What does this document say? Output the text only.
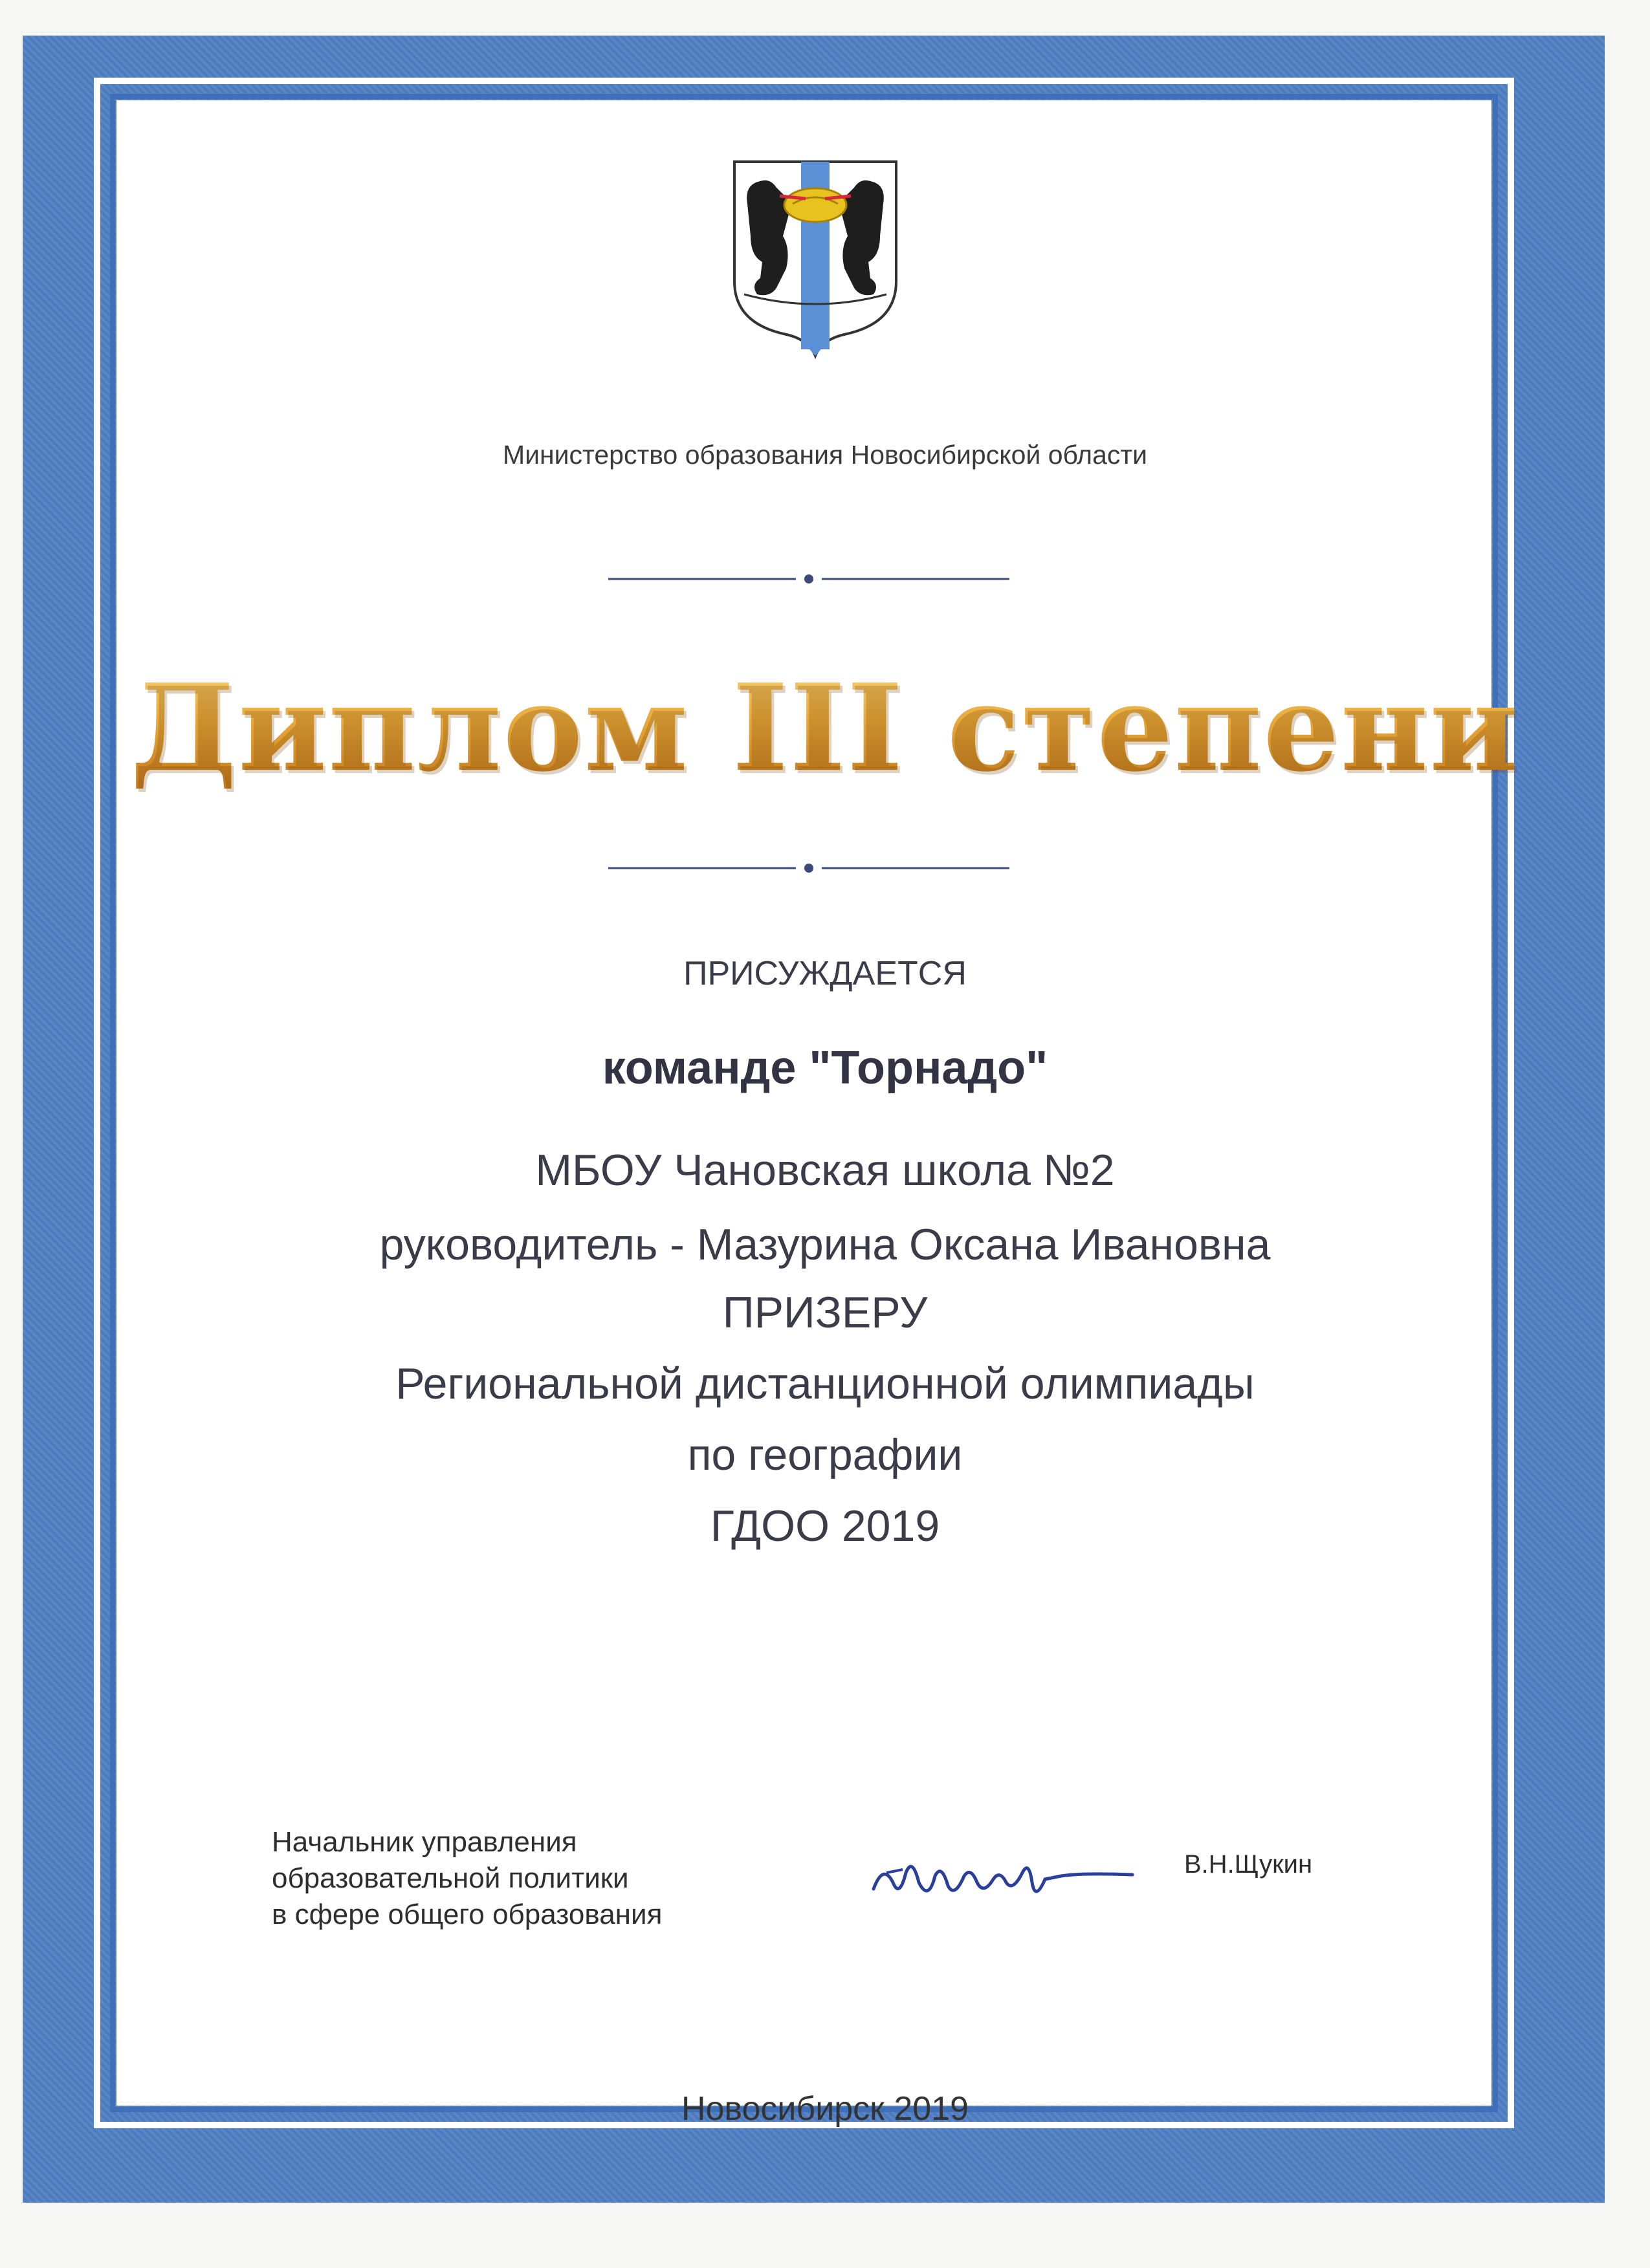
Министерство образования Новосибирской области
Диплом III степени
ПРИСУЖДАЕТСЯ
команде "Торнадо"
МБОУ Чановская школа №2
руководитель - Мазурина Оксана Ивановна
ПРИЗЕРУ
Региональной дистанционной олимпиады
по географии
ГДОО 2019
Начальник управления
образовательной политики
в сфере общего образования
В.Н.Щукин
Новосибирск 2019
